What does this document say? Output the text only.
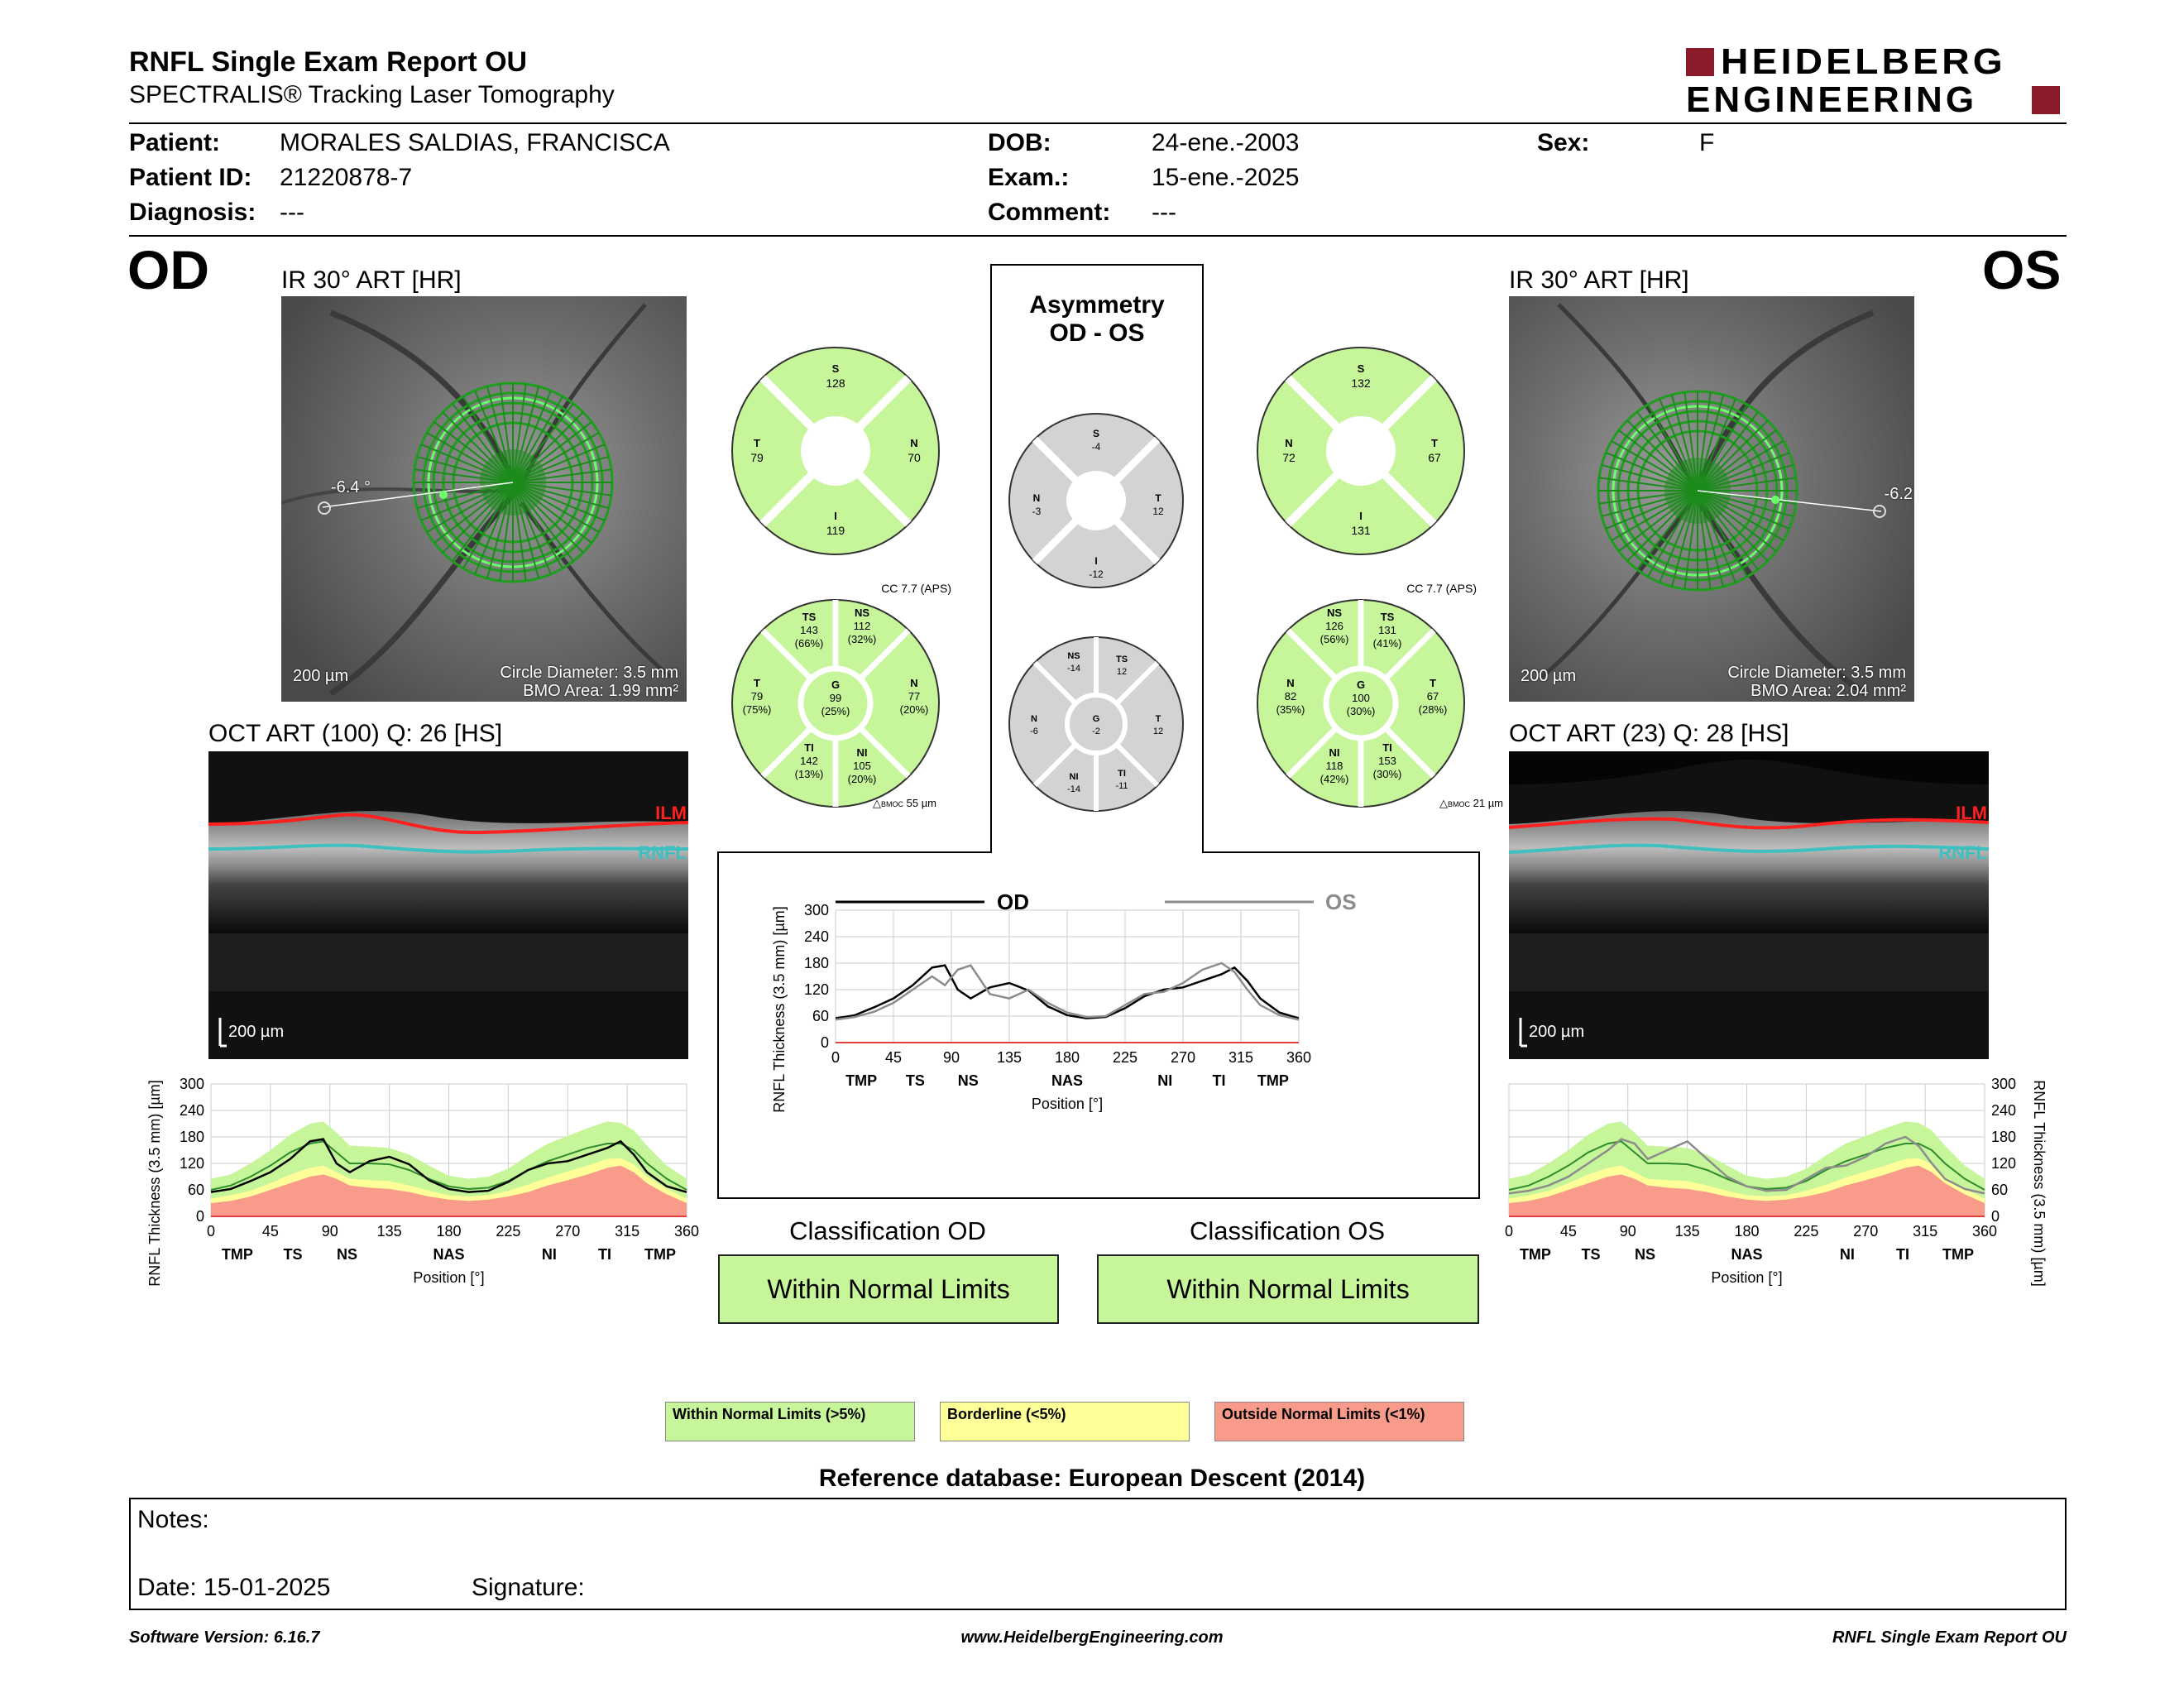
RNFL Single Exam Report OU
SPECTRALIS® Tracking Laser Tomography
HEIDELBERG
ENGINEERING
Patient: MORALES SALDIAS, FRANCISCA
Patient ID: 21220878-7
Diagnosis: ---
DOB:	24-ene.-2003
Exam.:	15-ene.-2025
Comment: ---
Sex:	F
OD	OS
IR 30° ART [HR]
-6.4 °
200 µm	Circle Diameter: 3.5 mm
BMO Area: 1.99 mm²
IR 30° ART [HR]
-6.2
200 µm	Circle Diameter: 3.5 mm
BMO Area: 2.04 mm²
OCT ART (100) Q: 26 [HS]
ILM
RNFL
200 µm
OCT ART (23) Q: 28 [HS]
ILM
RNFL
200 µm
S
128
N
70
I
119
T
79
CC 7.7 (APS)
TS
143
(66%)
NS
112
(32%)
T
79
(75%)
G
99
(25%)
N
77
(20%)
TI
142
(13%)
NI
105
(20%)
△BMOC 55 µm
S
-4
N
-3
T
12
I
-12
NS
-14
TS
12
N
-6
G
-2
T
12
NI
-14
TI
-11
S
132
N
72
I
131
T
67
CC 7.7 (APS)
NS
126
(56%)
TS
131
(41%)
N
82
(35%)
G
100
(30%)
T
67
(28%)
NI
118
(42%)
TI
153
(30%)
△BMOC 21 µm
Asymmetry
OD - OS
0
60
120
180
240
300
0	45	90	135 180 225 270 315 360
TMP TS NS	NAS	NI	TI TMP
Position [°]
RNFL Thickness (3.5 mm) [µm]
0
60
120
180
240
300
0	45	90 135 180 225 270 315 360
TMP TS NS	NAS	NI	TI TMP
Position [°]
RNFL Thickness (3.5 mm) [µm]
OD	OS
0
60
120
180
240
300
0	45	90	135 180 225 270 315 360
TMP TS NS	NAS	NI	TI TMP
Position [°]	RNFL Thickness (3.5 mm) [µm]
Classification OD
Within Normal Limits
Classification OS
Within Normal Limits
Within Normal Limits (>5%)	Borderline (<5%)	Outside Normal Limits (<1%)
Reference database: European Descent (2014)
Notes:
Date: 15-01-2025	Signature:
Software Version: 6.16.7	www.HeidelbergEngineering.com	RNFL Single Exam Report OU
